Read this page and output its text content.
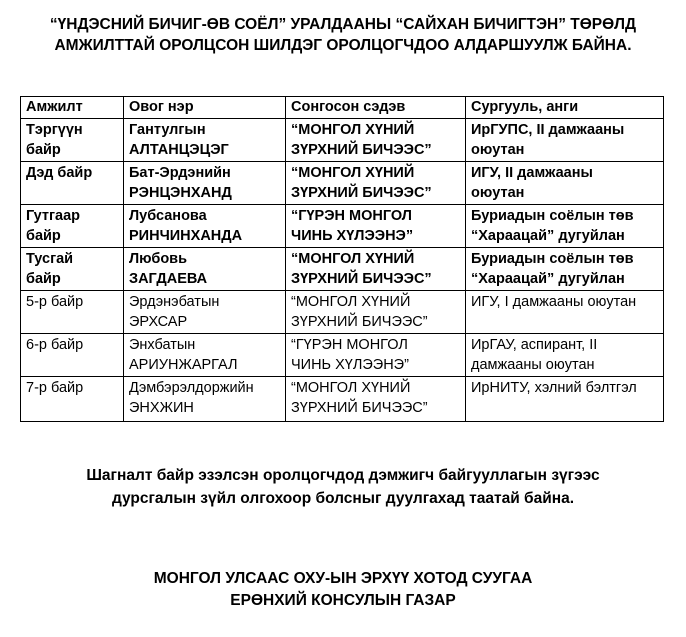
“ҮНДЭСНИЙ БИЧИГ-ӨВ СОЁЛ” УРАЛДААНЫ “САЙХАН БИЧИГТЭН” ТӨРӨЛД
АМЖИЛТТАЙ ОРОЛЦСОН ШИЛДЭГ ОРОЛЦОГЧДОО АЛДАРШУУЛЖ БАЙНА.
Амжилт	Овог нэр	Сонгосон сэдэв	Сургууль, анги

Тэргүүн
байр	Гантулгын
АЛТАНЦЭЦЭГ	“МОНГОЛ ХҮНИЙ
ЗҮРХНИЙ БИЧЭЭС”	ИрГУПС, II дамжааны
оюутан

Дэд байр	Бат-Эрдэнийн
РЭНЦЭНХАНД	“МОНГОЛ ХҮНИЙ
ЗҮРХНИЙ БИЧЭЭС”	ИГУ, II дамжааны
оюутан

Гутгаар
байр	Лубсанова
РИНЧИНХАНДА	“ГҮРЭН МОНГОЛ
ЧИНЬ ХҮЛЭЭНЭ”	Буриадын соёлын төв
“Хараацай” дугуйлан

Тусгай
байр	Любовь
ЗАГДАЕВА	“МОНГОЛ ХҮНИЙ
ЗҮРХНИЙ БИЧЭЭС”	Буриадын соёлын төв
“Хараацай” дугуйлан

5-р байр	Эрдэнэбатын
ЭРХСАР	“МОНГОЛ ХҮНИЙ
ЗҮРХНИЙ БИЧЭЭС”	ИГУ, I дамжааны оюутан

6-р байр	Энхбатын
АРИУНЖАРГАЛ	“ГҮРЭН МОНГОЛ
ЧИНЬ ХҮЛЭЭНЭ”	ИрГАУ, аспирант, II
дамжааны оюутан

7-р байр	Дэмбэрэлдоржийн
ЭНХЖИН	“МОНГОЛ ХҮНИЙ
ЗҮРХНИЙ БИЧЭЭС”	ИрНИТУ, хэлний бэлтгэл
Шагналт байр эзэлсэн оролцогчдод дэмжигч байгууллагын зүгээс
дурсгалын зүйл олгохоор болсныг дуулгахад таатай байна.
МОНГОЛ УЛСААС ОХУ-ЫН ЭРХҮҮ ХОТОД СУУГАА
ЕРӨНХИЙ КОНСУЛЫН ГАЗАР
